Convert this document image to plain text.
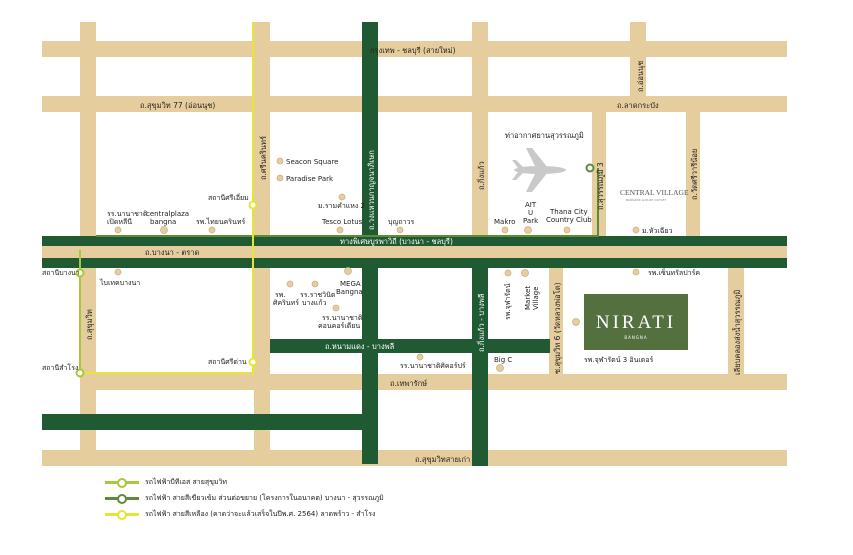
กรุงเทพ - ชลบุรี (สายใหม่)
ถ.สุขุมวิท 77 (อ่อนนุช)	ถ.ลาดกระบัง
ถ.อ่อนนุช
ถ.ศรีนครินทร์	ถ.วงแหวนกาญจนาภิเษก	ถ.กิ่งแก้ว	ถ.สุวรรณภูมิ 3	ถ.วัดศรีวารีน้อย
ทางพิเศษบูรพาวิถี (บางนา - ชลบุรี)
ถ.บางนา - ตราด
ถ.สุขุมวิท	ถ.กิ่งแก้ว - บางพลี
ถ.หนามแดง - บางพลี
ถ.เทพารักษ์
ถ.สุขุมวิทสายเก่า
ซ.สุขุมวิท 6 (วัดหลวงพ่อโต)	เลียบคลองส่งน้ำสุวรรณภูมิ
ท่าอากาศยานสุวรรณภูมิ
Seacon Square
Paradise Park
สถานีศรีเอี่ยม
ม.รามคำแหง 2
Tesco Lotus	บุญถาวร
รร.นานาชาติเปิดหลีนี
centralplaza bangna	รพ.ไทยนครินทร์	Makro
AIT U Park
Thana City Country Club
ม.หัวเฉียว
สถานีบางนา
ไบเทคบางนา	MEGA Bangna
รพ.ศิครินทร์
รร.ราชวินิตบางแก้ว
รร.นานาชาติคอนคอร์เดียน
รร.นานาชาติศิคอร์ปร์
Big C
รพ.จุฬารัตน์ MarketVillage
รพ.จุฬารัตน์ 3 อินเตอร์
รพ.เซ็นทรัลปาร์ค
สถานีศรีด่าน
สถานีสำโรง
CENTRAL VILLAGE
BANGKOK LUXURY OUTLET
NIRATI
BANGNA
รถไฟฟ้าบีทีเอส สายสุขุมวิท
รถไฟฟ้า สายสีเขียวเข้ม ส่วนต่อขยาย (โครงการในอนาคต) บางนา - สุวรรณภูมิ
รถไฟฟ้า สายสีเหลือง (คาดว่าจะแล้วเสร็จในปีพ.ศ. 2564) ลาดพร้าว - สำโรง
